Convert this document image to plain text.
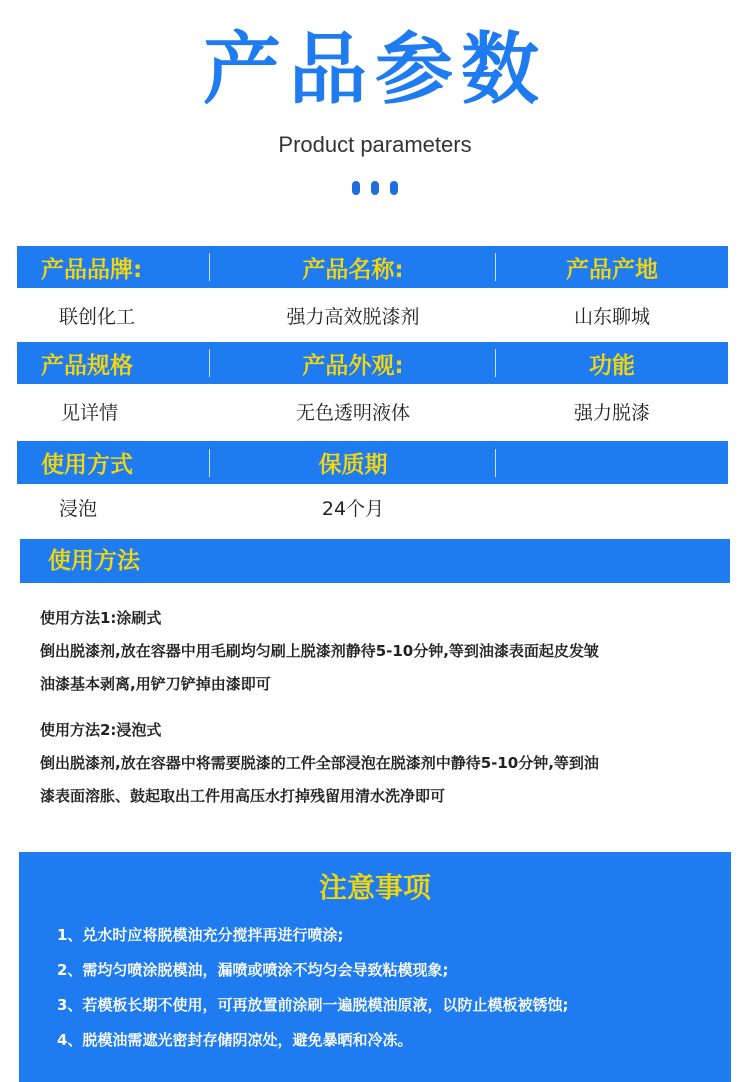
产品参数
Product parameters
产品品牌:	产品名称:	产品产地
联创化工	强力高效脱漆剂	山东聊城
产品规格	产品外观:	功能
见详情	无色透明液体	强力脱漆
使用方式	保质期
浸泡	24个月
使用方法

使用方法1:涂刷式

倒出脱漆剂,放在容器中用毛刷均匀刷上脱漆剂静待5-10分钟,等到油漆表面起皮发皱

油漆基本剥离,用铲刀铲掉由漆即可

使用方法2:浸泡式

倒出脱漆剂,放在容器中将需要脱漆的工件全部浸泡在脱漆剂中静待5-10分钟,等到油

漆表面溶胀、鼓起取出工件用高压水打掉残留用清水洗净即可

注意事项
1、兑水时应将脱模油充分搅拌再进行喷涂;
2、需均匀喷涂脱模油，漏喷或喷涂不均匀会导致粘模现象;
3、若模板长期不使用，可再放置前涂刷一遍脱模油原液，以防止模板被锈蚀;
4、脱模油需遮光密封存储阴凉处，避免暴晒和冷冻。
